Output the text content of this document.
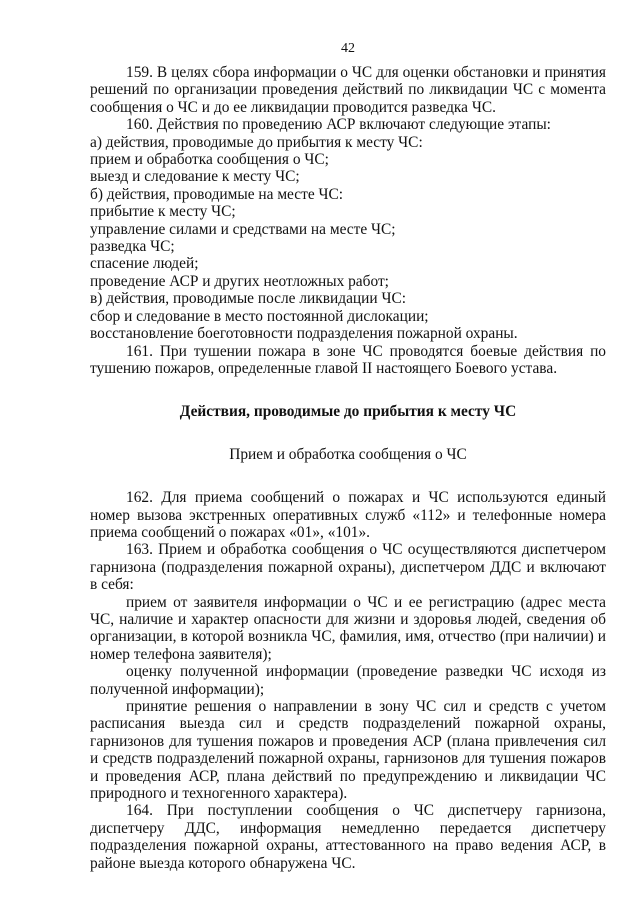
42

159. В целях сбора информации о ЧС для оценки обстановки и принятия решений по организации проведения действий по ликвидации ЧС с момента сообщения о ЧС и до ее ликвидации проводится разведка ЧС.

160. Действия по проведению АСР включают следующие этапы:

а) действия, проводимые до прибытия к месту ЧС:

прием и обработка сообщения о ЧС;

выезд и следование к месту ЧС;

б) действия, проводимые на месте ЧС:

прибытие к месту ЧС;

управление силами и средствами на месте ЧС;

разведка ЧС;

спасение людей;

проведение АСР и других неотложных работ;

в) действия, проводимые после ликвидации ЧС:

сбор и следование в место постоянной дислокации;

восстановление боеготовности подразделения пожарной охраны.

161. При тушении пожара в зоне ЧС проводятся боевые действия по тушению пожаров, определенные главой II настоящего Боевого устава.

Действия, проводимые до прибытия к месту ЧС

Прием и обработка сообщения о ЧС

162. Для приема сообщений о пожарах и ЧС используются единый номер вызова экстренных оперативных служб «112» и телефонные номера приема сообщений о пожарах «01», «101».

163. Прием и обработка сообщения о ЧС осуществляются диспетчером гарнизона (подразделения пожарной охраны), диспетчером ДДС и включают в себя:

прием от заявителя информации о ЧС и ее регистрацию (адрес места ЧС, наличие и характер опасности для жизни и здоровья людей, сведения об организации, в которой возникла ЧС, фамилия, имя, отчество (при наличии) и номер телефона заявителя);

оценку полученной информации (проведение разведки ЧС исходя из полученной информации);

принятие решения о направлении в зону ЧС сил и средств с учетом расписания выезда сил и средств подразделений пожарной охраны, гарнизонов для тушения пожаров и проведения АСР (плана привлечения сил и средств подразделений пожарной охраны, гарнизонов для тушения пожаров и проведения АСР, плана действий по предупреждению и ликвидации ЧС природного и техногенного характера).

164. При поступлении сообщения о ЧС диспетчеру гарнизона, диспетчеру ДДС, информация немедленно передается диспетчеру подразделения пожарной охраны, аттестованного на право ведения АСР, в районе выезда которого обнаружена ЧС.
